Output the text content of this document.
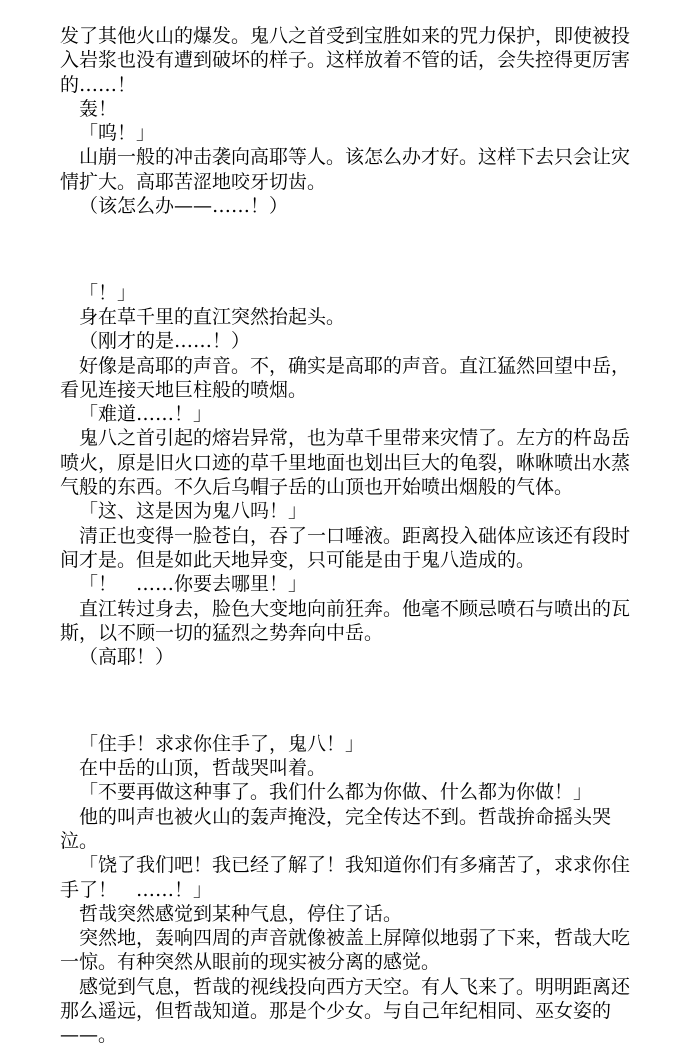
发了其他火山的爆发。鬼八之首受到宝胜如来的咒力保护，即使被投入岩浆也没有遭到破坏的样子。这样放着不管的话，会失控得更厉害的……！

轰！

「呜！」

山崩一般的冲击袭向高耶等人。该怎么办才好。这样下去只会让灾情扩大。高耶苦涩地咬牙切齿。

（该怎么办——……！）

「！」

身在草千里的直江突然抬起头。

（刚才的是……！）

好像是高耶的声音。不，确实是高耶的声音。直江猛然回望中岳，看见连接天地巨柱般的喷烟。

「难道……！」

鬼八之首引起的熔岩异常，也为草千里带来灾情了。左方的杵岛岳喷火，原是旧火口迹的草千里地面也划出巨大的龟裂，咻咻喷出水蒸气般的东西。不久后乌帽子岳的山顶也开始喷出烟般的气体。

「这、这是因为鬼八吗！」

清正也变得一脸苍白，吞了一口唾液。距离投入础体应该还有段时间才是。但是如此天地异变，只可能是由于鬼八造成的。

「！　……你要去哪里！」

直江转过身去，脸色大变地向前狂奔。他毫不顾忌喷石与喷出的瓦斯，以不顾一切的猛烈之势奔向中岳。

（高耶！）

「住手！求求你住手了，鬼八！」

在中岳的山顶，哲哉哭叫着。

「不要再做这种事了。我们什么都为你做、什么都为你做！」

他的叫声也被火山的轰声掩没，完全传达不到。哲哉拚命摇头哭泣。

「饶了我们吧！我已经了解了！我知道你们有多痛苦了，求求你住手了！　……！」

哲哉突然感觉到某种气息，停住了话。

突然地，轰响四周的声音就像被盖上屏障似地弱了下来，哲哉大吃一惊。有种突然从眼前的现实被分离的感觉。

感觉到气息，哲哉的视线投向西方天空。有人飞来了。明明距离还那么遥远，但哲哉知道。那是个少女。与自己年纪相同、巫女姿的——。
